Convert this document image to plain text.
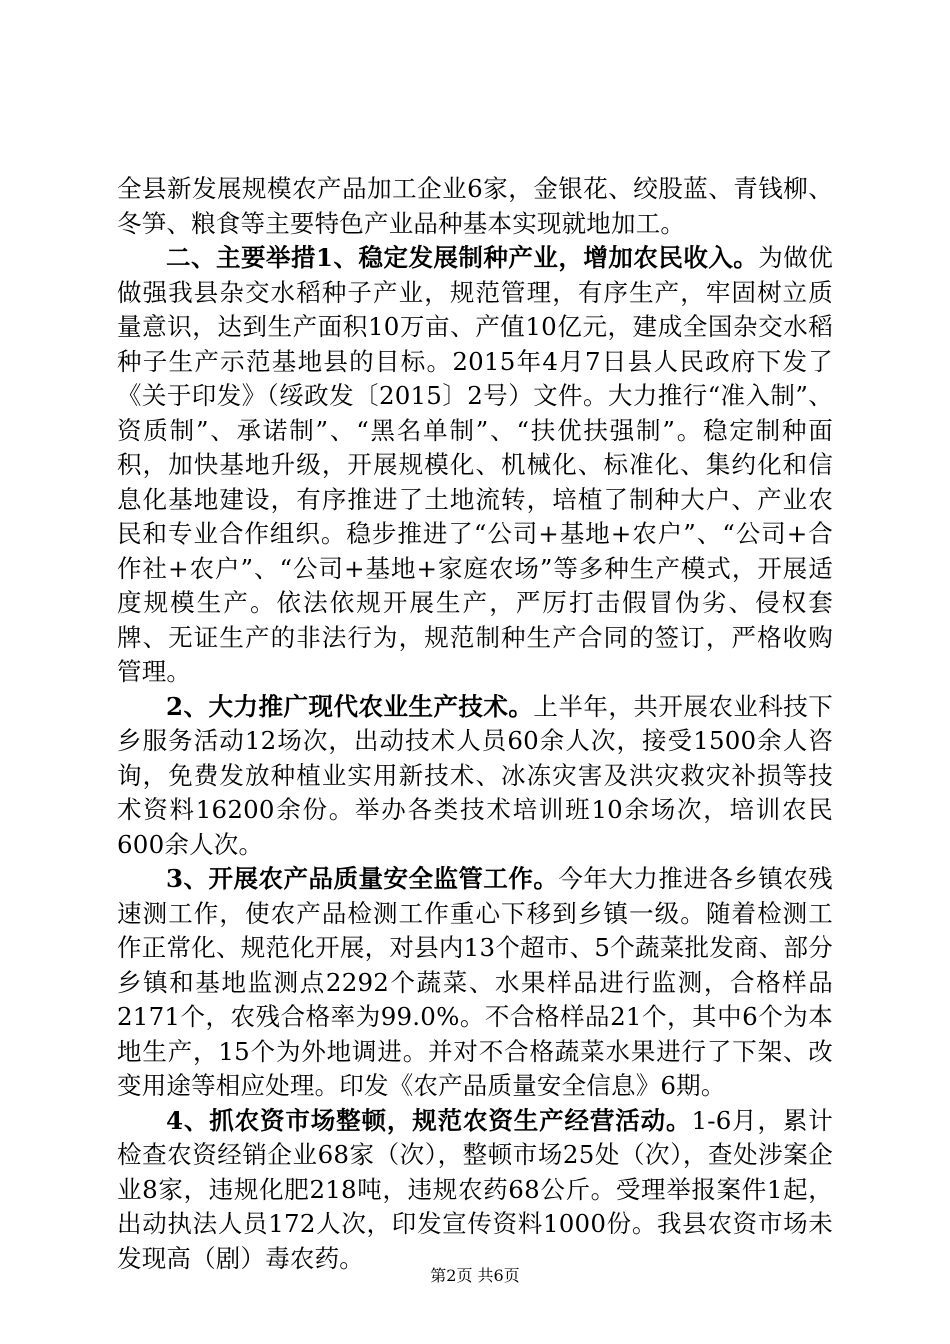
全县新发展规模农产品加工企业6家，金银花、绞股蓝、青钱柳、冬笋、粮食等主要特色产业品种基本实现就地加工。

二、主要举措1、稳定发展制种产业，增加农民收入。为做优做强我县杂交水稻种子产业，规范管理，有序生产，牢固树立质量意识，达到生产面积10万亩、产值10亿元，建成全国杂交水稻种子生产示范基地县的目标。2015年4月7日县人民政府下发了《关于印发》（绥政发〔2015〕2号）文件。大力推行“准入制”、资质制”、承诺制”、“黑名单制”、“扶优扶强制”。稳定制种面积，加快基地升级，开展规模化、机械化、标准化、集约化和信息化基地建设，有序推进了土地流转，培植了制种大户、产业农民和专业合作组织。稳步推进了“公司+基地+农户”、“公司+合作社+农户”、“公司+基地+家庭农场”等多种生产模式，开展适度规模生产。依法依规开展生产，严厉打击假冒伪劣、侵权套牌、无证生产的非法行为，规范制种生产合同的签订，严格收购管理。

2、大力推广现代农业生产技术。上半年，共开展农业科技下乡服务活动12场次，出动技术人员60余人次，接受1500余人咨询，免费发放种植业实用新技术、冰冻灾害及洪灾救灾补损等技术资料16200余份。举办各类技术培训班10余场次，培训农民600余人次。

3、开展农产品质量安全监管工作。今年大力推进各乡镇农残速测工作，使农产品检测工作重心下移到乡镇一级。随着检测工作正常化、规范化开展，对县内13个超市、5个蔬菜批发商、部分乡镇和基地监测点2292个蔬菜、水果样品进行监测，合格样品2171个，农残合格率为99.0%。不合格样品21个，其中6个为本地生产，15个为外地调进。并对不合格蔬菜水果进行了下架、改变用途等相应处理。印发《农产品质量安全信息》6期。

4、抓农资市场整顿，规范农资生产经营活动。1-6月，累计检查农资经销企业68家（次），整顿市场25处（次），查处涉案企业8家，违规化肥218吨，违规农药68公斤。受理举报案件1起，出动执法人员172人次，印发宣传资料1000份。我县农资市场未发现高（剧）毒农药。

第2页 共6页
